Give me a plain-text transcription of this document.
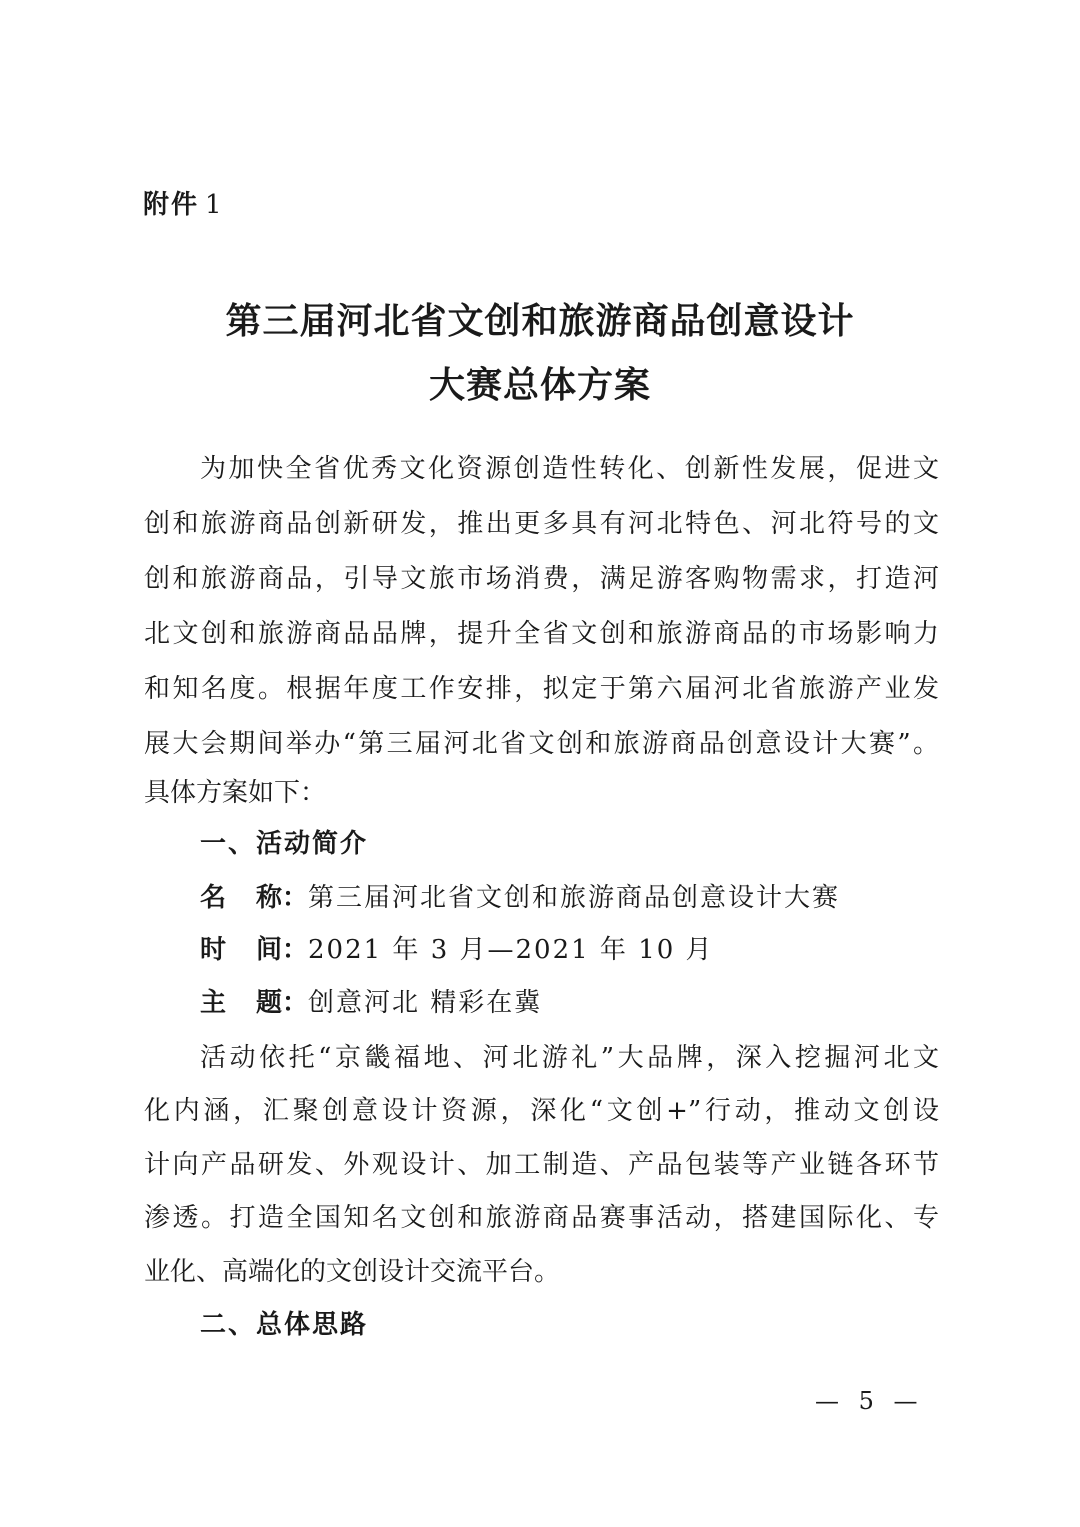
附件 1
第三届河北省文创和旅游商品创意设计
大赛总体方案
为加快全省优秀文化资源创造性转化、创新性发展，促进文
创和旅游商品创新研发，推出更多具有河北特色、河北符号的文
创和旅游商品，引导文旅市场消费，满足游客购物需求，打造河
北文创和旅游商品品牌，提升全省文创和旅游商品的市场影响力
和知名度。根据年度工作安排，拟定于第六届河北省旅游产业发
展大会期间举办“第三届河北省文创和旅游商品创意设计大赛”。
具体方案如下：
一、活动简介
名 称：第三届河北省文创和旅游商品创意设计大赛
时 间：2021 年 3 月—2021 年 10 月
主 题：创意河北 精彩在冀
活动依托“京畿福地、河北游礼”大品牌，深入挖掘河北文
化内涵，汇聚创意设计资源，深化“文创+”行动，推动文创设
计向产品研发、外观设计、加工制造、产品包装等产业链各环节
渗透。打造全国知名文创和旅游商品赛事活动，搭建国际化、专
业化、高端化的文创设计交流平台。
二、总体思路
— 5 —
